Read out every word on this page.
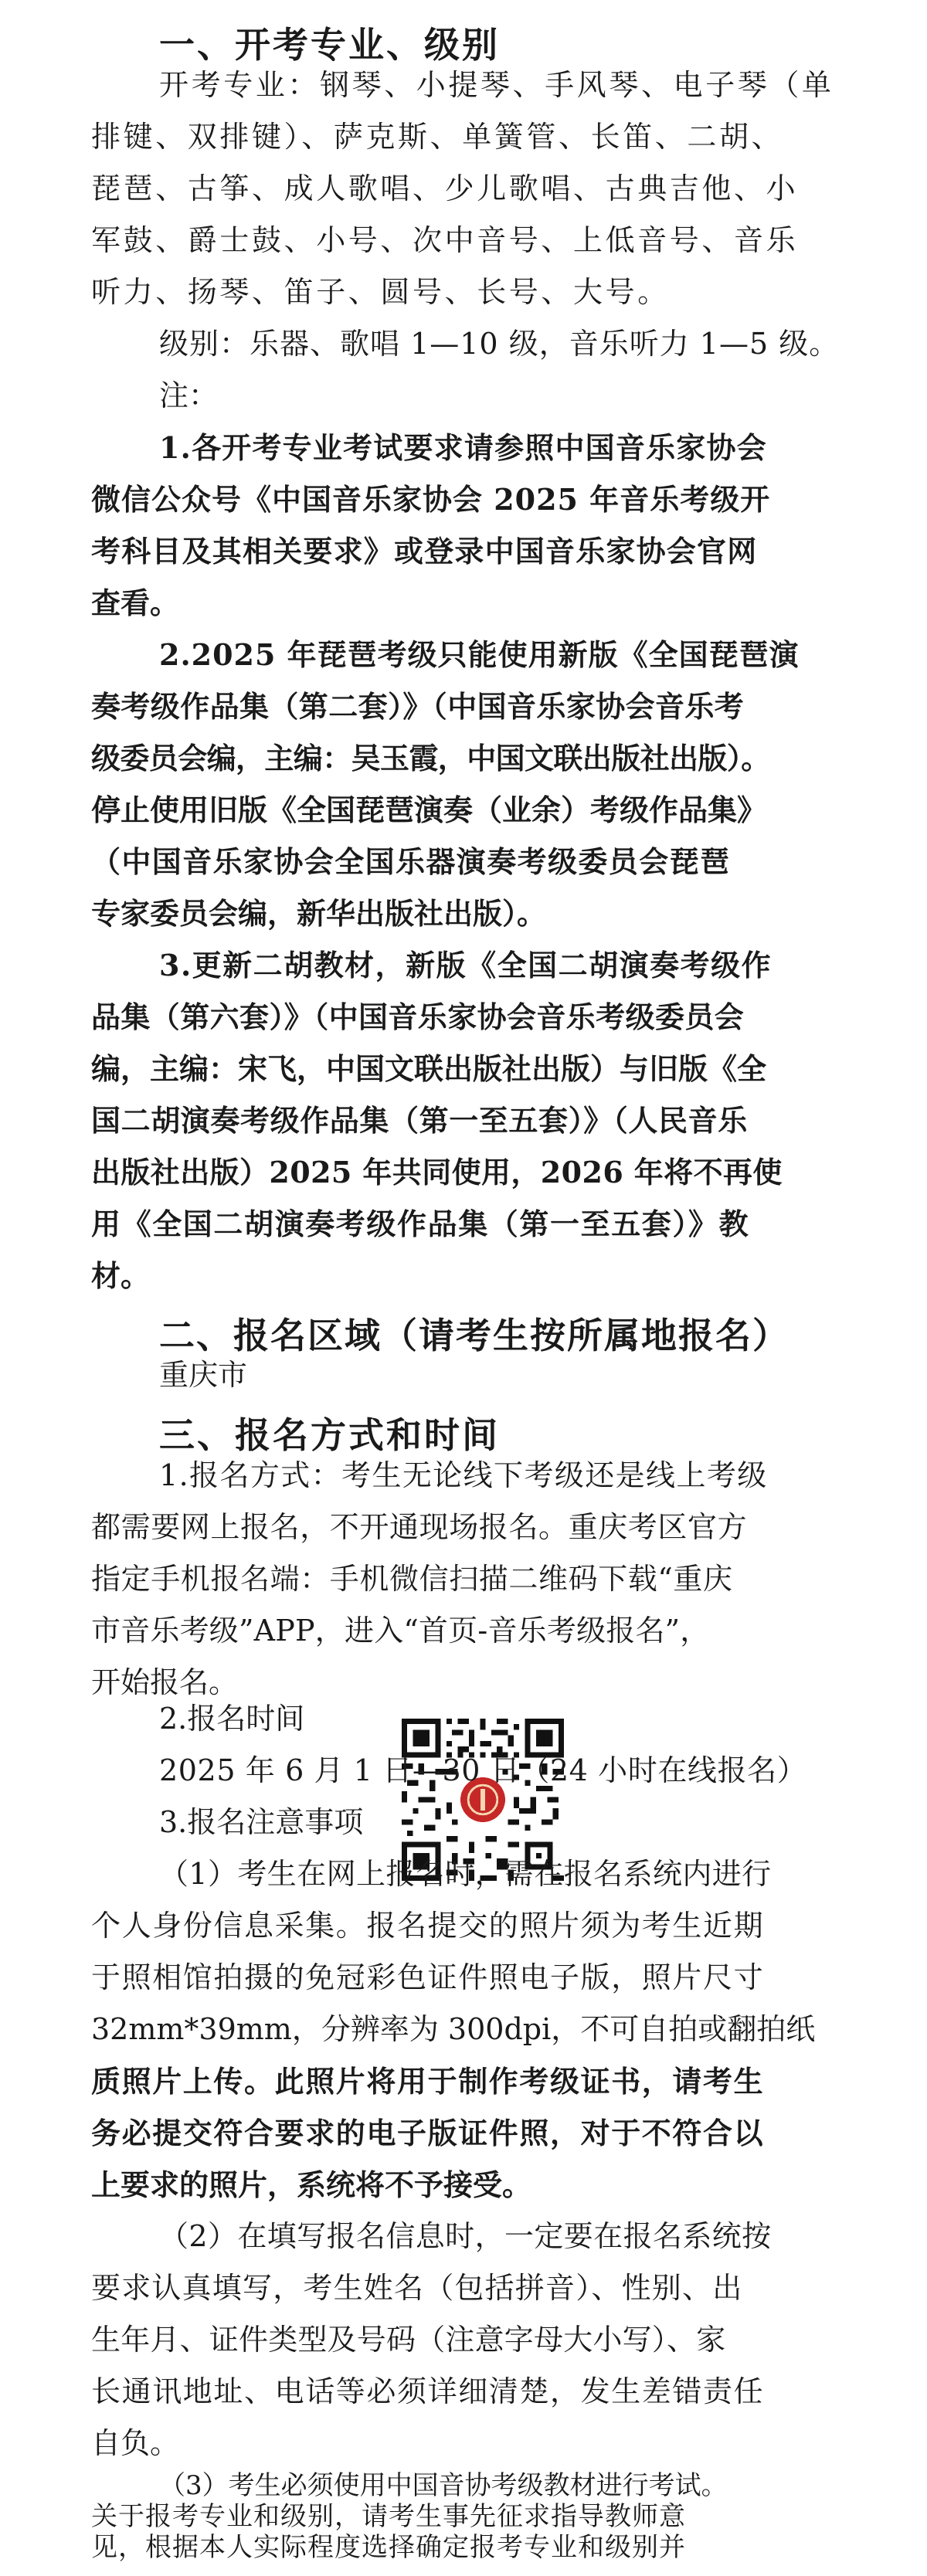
一、开考专业、级别
开考专业：钢琴、小提琴、手风琴、电子琴（单
排键、双排键）、萨克斯、单簧管、长笛、二胡、
琵琶、古筝、成人歌唱、少儿歌唱、古典吉他、小
军鼓、爵士鼓、小号、次中音号、上低音号、音乐
听力、扬琴、笛子、圆号、长号、大号。
级别：乐器、歌唱 1—10 级，音乐听力 1—5 级。
注：
1.各开考专业考试要求请参照中国音乐家协会
微信公众号《中国音乐家协会 2025 年音乐考级开
考科目及其相关要求》或登录中国音乐家协会官网
查看。
2.2025 年琵琶考级只能使用新版《全国琵琶演
奏考级作品集（第二套）》（中国音乐家协会音乐考
级委员会编，主编：吴玉霞，中国文联出版社出版）。
停止使用旧版《全国琵琶演奏（业余）考级作品集》
（中国音乐家协会全国乐器演奏考级委员会琵琶
专家委员会编，新华出版社出版）。
3.更新二胡教材，新版《全国二胡演奏考级作
品集（第六套）》（中国音乐家协会音乐考级委员会
编，主编：宋飞，中国文联出版社出版）与旧版《全
国二胡演奏考级作品集（第一至五套）》（人民音乐
出版社出版）2025 年共同使用，2026 年将不再使
用《全国二胡演奏考级作品集（第一至五套）》教
材。
二、报名区域（请考生按所属地报名）
重庆市
三、报名方式和时间
1.报名方式：考生无论线下考级还是线上考级
都需要网上报名，不开通现场报名。重庆考区官方
指定手机报名端：手机微信扫描二维码下载“重庆
市音乐考级”APP，进入“首页-音乐考级报名”，
开始报名。
2.报名时间
2025 年 6 月 1 日—30 日（24 小时在线报名）
3.报名注意事项
（1）考生在网上报名时，需在报名系统内进行
个人身份信息采集。报名提交的照片须为考生近期
于照相馆拍摄的免冠彩色证件照电子版，照片尺寸
32mm*39mm，分辨率为 300dpi，不可自拍或翻拍纸
质照片上传。此照片将用于制作考级证书，请考生
务必提交符合要求的电子版证件照，对于不符合以
上要求的照片，系统将不予接受。
（2）在填写报名信息时，一定要在报名系统按
要求认真填写，考生姓名（包括拼音）、性别、出
生年月、证件类型及号码（注意字母大小写）、家
长通讯地址、电话等必须详细清楚，发生差错责任
自负。
（3）考生必须使用中国音协考级教材进行考试。
关于报考专业和级别，请考生事先征求指导教师意
见，根据本人实际程度选择确定报考专业和级别并
